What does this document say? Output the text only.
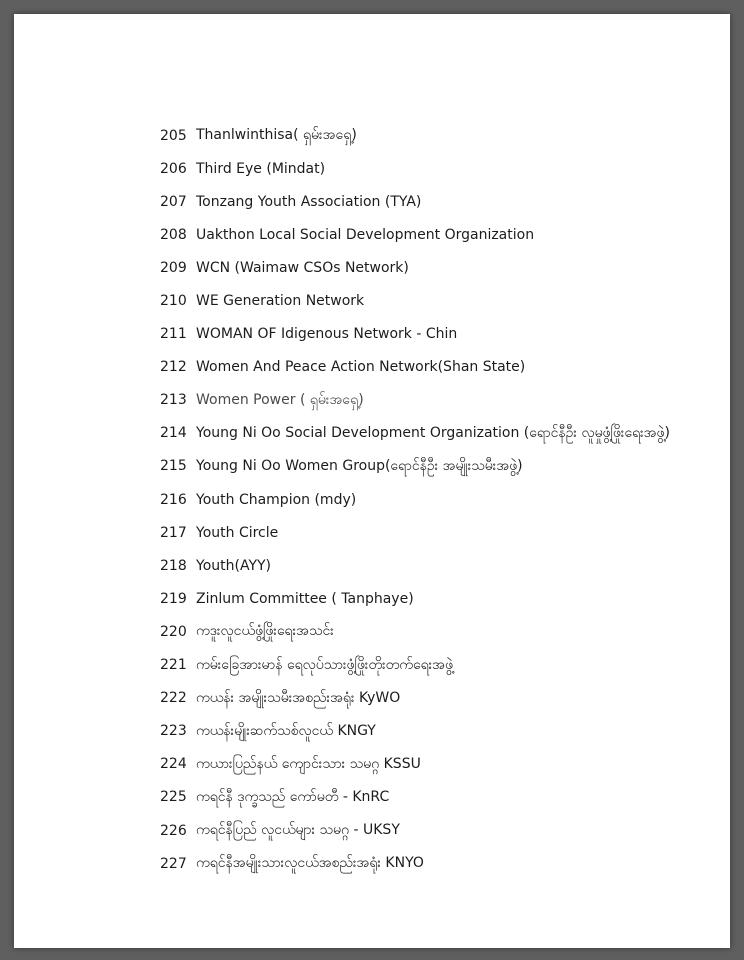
205 Thanlwinthisa( ရှမ်းအရှေ့)
206 Third Eye (Mindat)
207 Tonzang Youth Association (TYA)
208 Uakthon Local Social Development Organization
209 WCN (Waimaw CSOs Network)
210 WE Generation Network
211 WOMAN OF Idigenous Network - Chin
212 Women And Peace Action Network(Shan State)
213 Women Power ( ရှမ်းအရှေ့)
214 Young Ni Oo Social Development Organization (ရောင်နီဦး လူမှုဖွံ့ဖြိုးရေးအဖွဲ့)
215 Young Ni Oo Women Group(ရောင်နီဦး အမျိုးသမီးအဖွဲ့)
216 Youth Champion (mdy)
217 Youth Circle
218 Youth(AYY)
219 Zinlum Committee ( Tanphaye)
220 ကဒူးလူငယ်ဖွံ့ဖြိုးရေးအသင်း
221 ကမ်းခြေအားမာန် ရေလုပ်သားဖွံ့ဖြိုးတိုးတက်ရေးအဖွဲ့
222 ကယန်း အမျိုးသမီးအစည်းအရုံး KyWO
223 ကယန်းမျိုးဆက်သစ်လူငယ် KNGY
224 ကယားပြည်နယ် ကျောင်းသား သမဂ္ဂ KSSU
225 ကရင်နီ ဒုက္ခသည် ကော်မတီ - KnRC
226 ကရင်နီပြည် လူငယ်များ သမဂ္ဂ - UKSY
227 ကရင်နီအမျိုးသားလူငယ်အစည်းအရုံး KNYO
